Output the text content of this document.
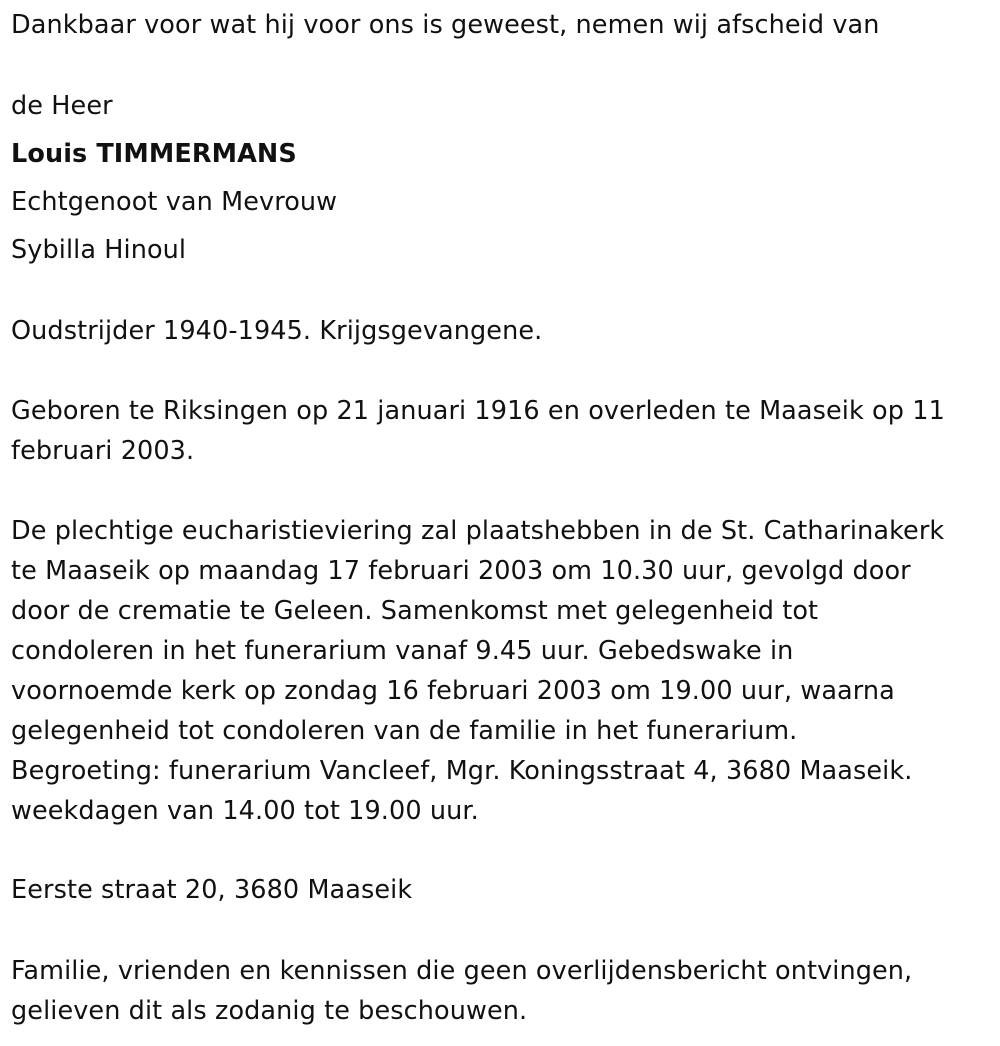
Dankbaar voor wat hij voor ons is geweest, nemen wij afscheid van

de Heer

Louis TIMMERMANS

Echtgenoot van Mevrouw

Sybilla Hinoul

Oudstrijder 1940-1945. Krijgsgevangene.

Geboren te Riksingen op 21 januari 1916 en overleden te Maaseik op 11
februari 2003.
De plechtige eucharistieviering zal plaatshebben in de St. Catharinakerk
te Maaseik op maandag 17 februari 2003 om 10.30 uur, gevolgd door
door de crematie te Geleen. Samenkomst met gelegenheid tot
condoleren in het funerarium vanaf 9.45 uur. Gebedswake in
voornoemde kerk op zondag 16 februari 2003 om 19.00 uur, waarna
gelegenheid tot condoleren van de familie in het funerarium.
Begroeting: funerarium Vancleef, Mgr. Koningsstraat 4, 3680 Maaseik.
weekdagen van 14.00 tot 19.00 uur.

Eerste straat 20, 3680 Maaseik

Familie, vrienden en kennissen die geen overlijdensbericht ontvingen,
gelieven dit als zodanig te beschouwen.
